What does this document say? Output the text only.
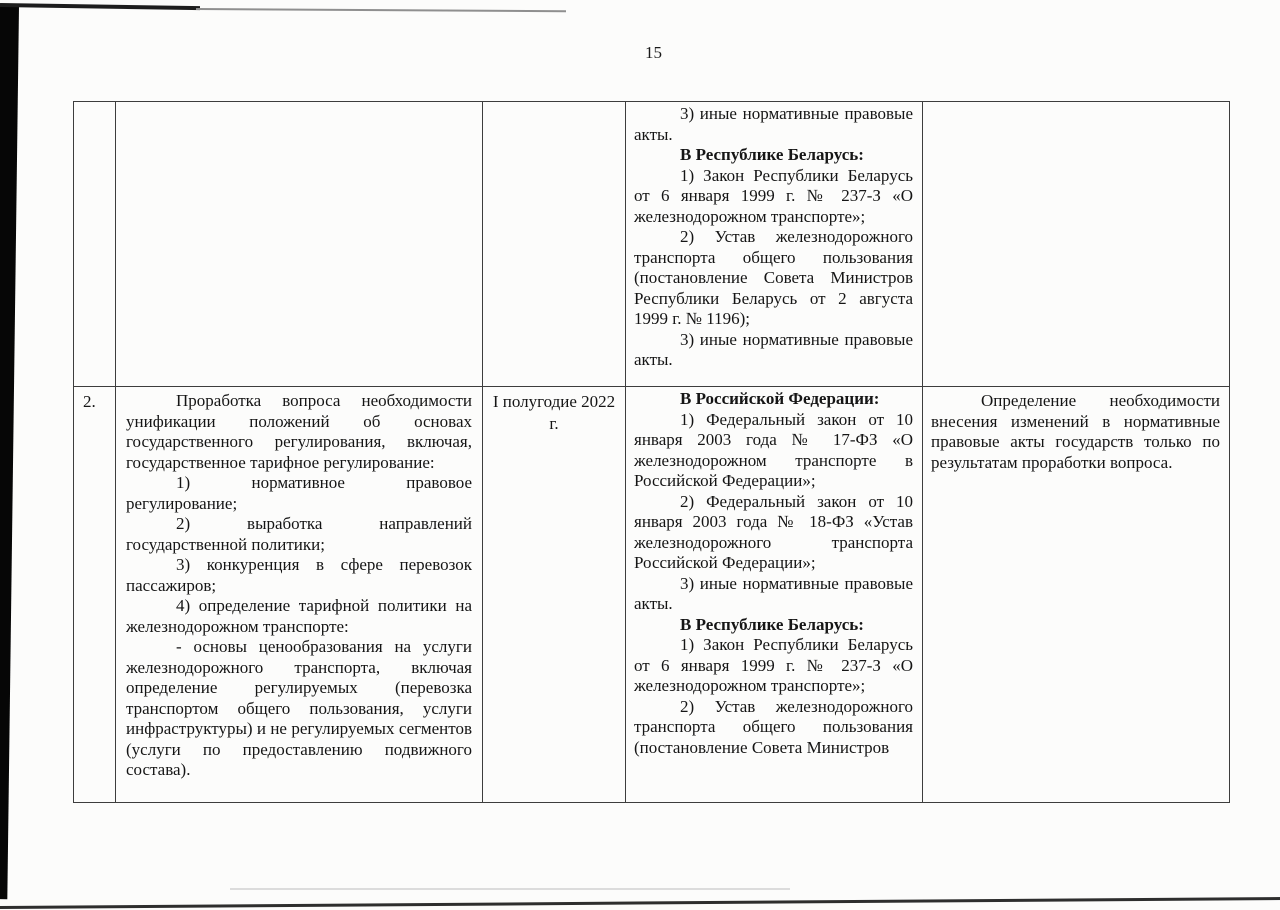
15

3) иные нормативные правовые акты.

В Республике Беларусь:

1) Закон Республики Беларусь от 6 января 1999 г. № 237-З «О железнодорожном транспорте»;

2) Устав железнодорожного транспорта общего пользования (постановление Совета Министров Республики Беларусь от 2 августа 1999 г. № 1196);

3) иные нормативные правовые акты.

2.	Проработка вопроса необходимости унификации положений об основах государственного регулирования, включая, государственное тарифное регулирование:

1) нормативное правовое регулирование;

2) выработка направлений государственной политики;

3) конкуренция в сфере перевозок пассажиров;

4) определение тарифной политики на железнодорожном транспорте:

- основы ценообразования на услуги железнодорожного транспорта, включая определение регулируемых (перевозка транспортом общего пользования, услуги инфраструктуры) и не регулируемых сегментов (услуги по предоставлению подвижного состава).

I полугодие 2022 г.

В Российской Федерации:

1) Федеральный закон от 10 января 2003 года № 17-ФЗ «О железнодорожном транспорте в Российской Федерации»;

2) Федеральный закон от 10 января 2003 года № 18-ФЗ «Устав железнодорожного транспорта Российской Федерации»;

3) иные нормативные правовые акты.

В Республике Беларусь:

1) Закон Республики Беларусь от 6 января 1999 г. № 237-З «О железнодорожном транспорте»;

2) Устав железнодорожного транспорта общего пользования (постановление Совета Министров

Определение необходимости внесения изменений в нормативные правовые акты государств только по результатам проработки вопроса.
